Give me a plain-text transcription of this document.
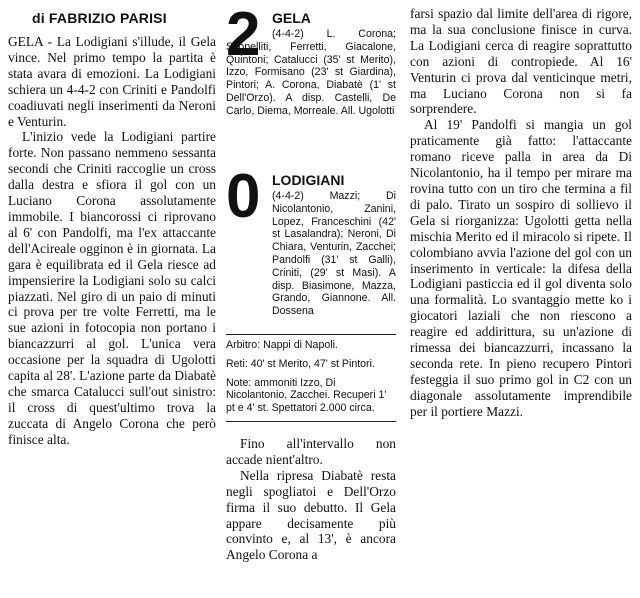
di FABRIZIO PARISI

GELA - La Lodigiani s'illude, il Gela vince. Nel primo tempo la partita è stata avara di emozioni. La Lodigiani schiera un 4-4-2 con Criniti e Pandolfi coadiuvati negli inserimenti da Neroni e Venturin.

L'inizio vede la Lodigiani partire forte. Non passano nemmeno sessanta secondi che Criniti raccoglie un cross dalla destra e sfiora il gol con un Luciano Corona assolutamente immobile. I biancorossi ci riprovano al 6' con Pandolfi, ma l'ex attaccante dell'Acireale ogginon è in giornata. La gara è equilibrata ed il Gela riesce ad impensierire la Lodigiani solo su calci piazzati. Nel giro di un paio di minuti ci prova per tre volte Ferretti, ma le sue azioni in fotocopia non portano i biancazzurri al gol. L'unica vera occasione per la squadra di Ugolotti capita al 28'. L'azione parte da Diabatè che smarca Catalucci sull'out sinistro: il cross di quest'ultimo trova la zuccata di Angelo Corona che però finisce alta.

2 GELA

(4-4-2) L. Corona; Scopelliti, Ferretti, Giacalone, Quintoni; Catalucci (35' st Merito), Izzo, Formisano (23' st Giardina), Pintori; A. Corona, Diabatè (1' st Dell'Orzo). A disp. Castelli, De Carlo, Diema, Morreale. All. Ugolotti

0 LODIGIANI

(4-4-2) Mazzi; Di Nicolantonio, Zanini, Lopez, Franceschini (42' st Lasalandra); Neroni, Di Chiara, Venturin, Zacchei; Pandolfi (31' st Galli), Criniti, (29' st Masi). A disp. Biasimone, Mazza, Grando, Giannone. All. Dossena

Arbitro: Nappi di Napoli.

Reti: 40' st Merito, 47' st Pintori.

Note: ammoniti Izzo, Di Nicolantonio, Zacchei. Recuperi 1' pt e 4' st. Spettatori 2.000 circa.

Fino all'intervallo non accade nient'altro.

Nella ripresa Diabatè resta negli spogliatoi e Dell'Orzo firma il suo debutto. Il Gela appare decisamente più convinto e, al 13', è ancora Angelo Corona a

farsi spazio dal limite dell'area di rigore, ma la sua conclusione finisce in curva. La Lodigiani cerca di reagire soprattutto con azioni di contropiede. Al 16' Venturin ci prova dal venticinque metri, ma Luciano Corona non si fa sorprendere.

Al 19' Pandolfi si mangia un gol praticamente già fatto: l'attaccante romano riceve palla in area da Di Nicolantonio, ha il tempo per mirare ma rovina tutto con un tiro che termina a fil di palo. Tirato un sospiro di sollievo il Gela si riorganizza: Ugolotti getta nella mischia Merito ed il miracolo si ripete. Il colombiano avvia l'azione del gol con un inserimento in verticale: la difesa della Lodigiani pasticcia ed il gol diventa solo una formalità. Lo svantaggio mette ko i giocatori laziali che non riescono a reagire ed addirittura, su un'azione di rimessa dei biancazzurri, incassano la seconda rete. In pieno recupero Pintori festeggia il suo primo gol in C2 con un diagonale assolutamente imprendibile per il portiere Mazzi.
